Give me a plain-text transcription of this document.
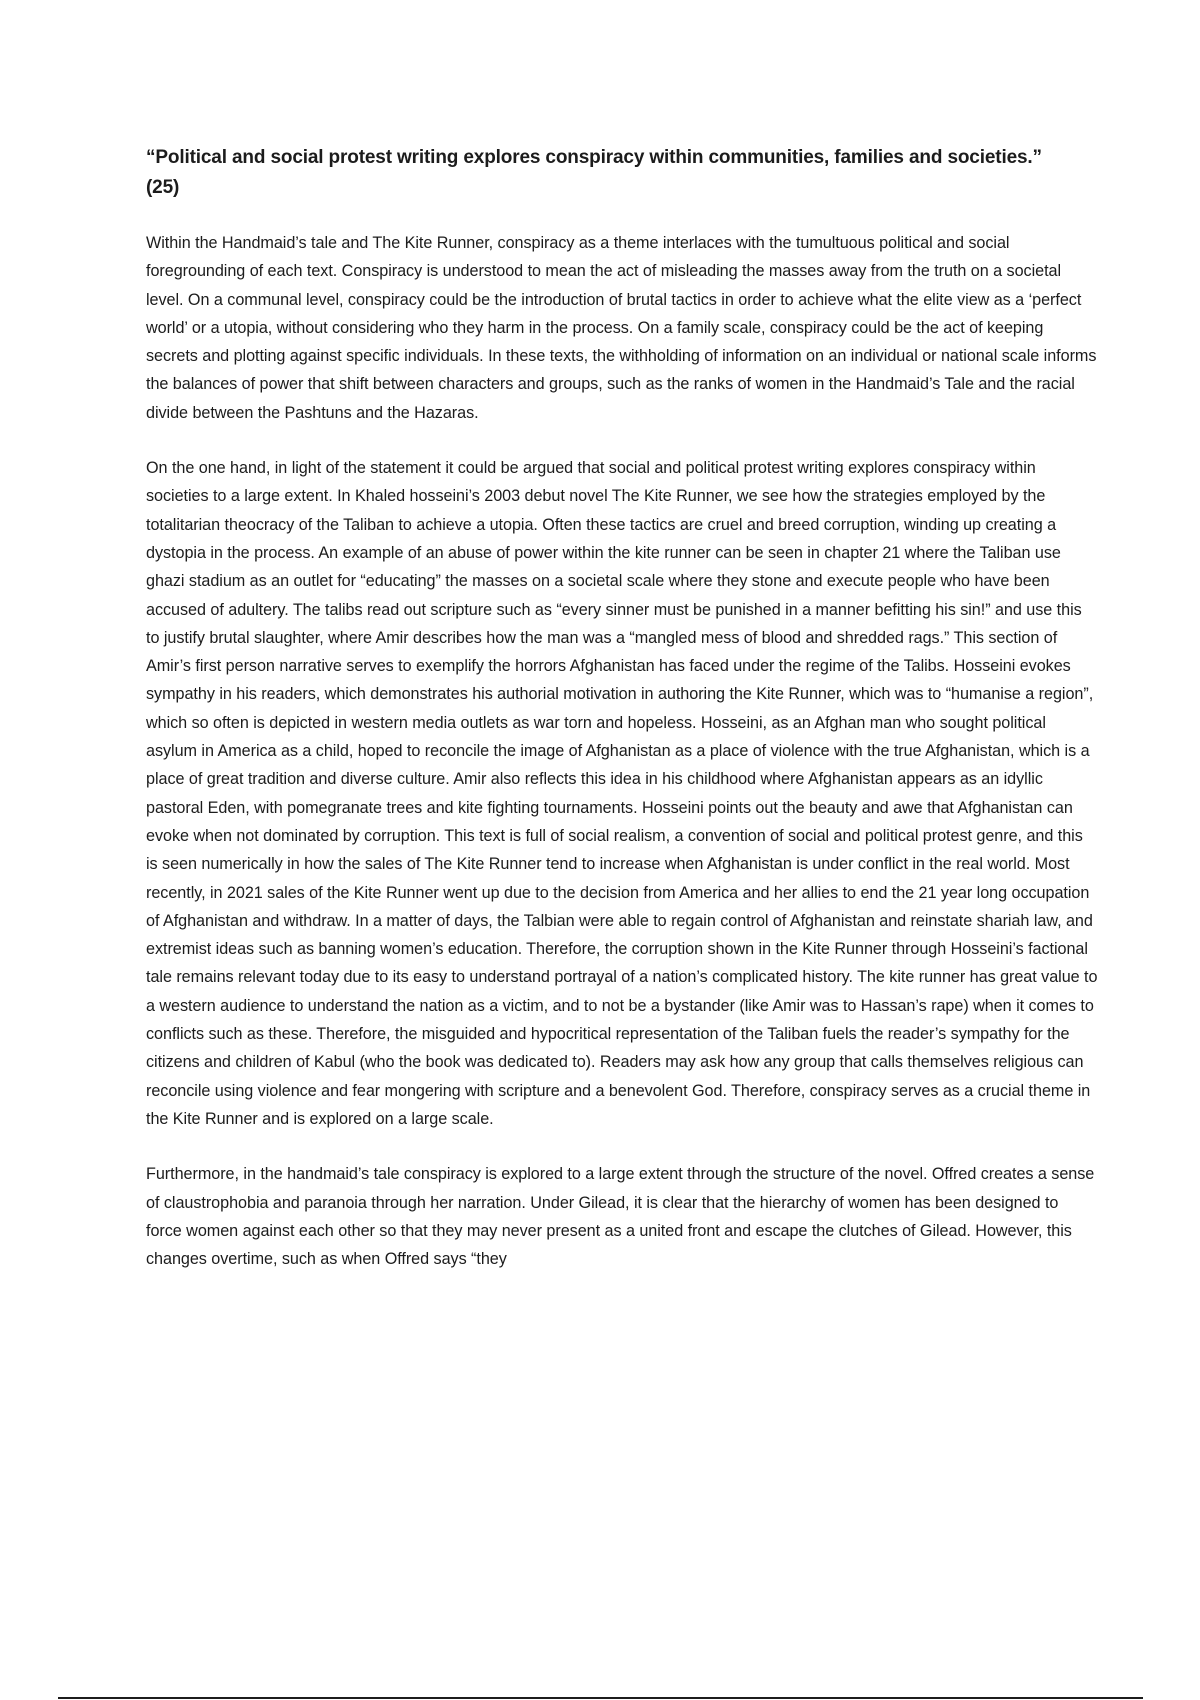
“Political and social protest writing explores conspiracy within communities, families and societies.”
(25)

Within the Handmaid’s tale and The Kite Runner, conspiracy as a theme interlaces with the tumultuous political and social foregrounding of each text. Conspiracy is understood to mean the act of misleading the masses away from the truth on a societal level. On a communal level, conspiracy could be the introduction of brutal tactics in order to achieve what the elite view as a ‘perfect world’ or a utopia, without considering who they harm in the process. On a family scale, conspiracy could be the act of keeping secrets and plotting against specific individuals. In these texts, the withholding of information on an individual or national scale informs the balances of power that shift between characters and groups, such as the ranks of women in the Handmaid’s Tale and the racial divide between the Pashtuns and the Hazaras.

On the one hand, in light of the statement it could be argued that social and political protest writing explores conspiracy within societies to a large extent. In Khaled hosseini’s 2003 debut novel The Kite Runner, we see how the strategies employed by the totalitarian theocracy of the Taliban to achieve a utopia. Often these tactics are cruel and breed corruption, winding up creating a dystopia in the process. An example of an abuse of power within the kite runner can be seen in chapter 21 where the Taliban use ghazi stadium as an outlet for “educating” the masses on a societal scale where they stone and execute people who have been accused of adultery. The talibs read out scripture such as “every sinner must be punished in a manner befitting his sin!” and use this to justify brutal slaughter, where Amir describes how the man was a “mangled mess of blood and shredded rags.” This section of Amir’s first person narrative serves to exemplify the horrors Afghanistan has faced under the regime of the Talibs. Hosseini evokes sympathy in his readers, which demonstrates his authorial motivation in authoring the Kite Runner, which was to “humanise a region”, which so often is depicted in western media outlets as war torn and hopeless. Hosseini, as an Afghan man who sought political asylum in America as a child, hoped to reconcile the image of Afghanistan as a place of violence with the true Afghanistan, which is a place of great tradition and diverse culture. Amir also reflects this idea in his childhood where Afghanistan appears as an idyllic pastoral Eden, with pomegranate trees and kite fighting tournaments. Hosseini points out the beauty and awe that Afghanistan can evoke when not dominated by corruption. This text is full of social realism, a convention of social and political protest genre, and this is seen numerically in how the sales of The Kite Runner tend to increase when Afghanistan is under conflict in the real world. Most recently, in 2021 sales of the Kite Runner went up due to the decision from America and her allies to end the 21 year long occupation of Afghanistan and withdraw. In a matter of days, the Talbian were able to regain control of Afghanistan and reinstate shariah law, and extremist ideas such as banning women’s education. Therefore, the corruption shown in the Kite Runner through Hosseini’s factional tale remains relevant today due to its easy to understand portrayal of a nation’s complicated history. The kite runner has great value to a western audience to understand the nation as a victim, and to not be a bystander (like Amir was to Hassan’s rape) when it comes to conflicts such as these. Therefore, the misguided and hypocritical representation of the Taliban fuels the reader’s sympathy for the citizens and children of Kabul (who the book was dedicated to). Readers may ask how any group that calls themselves religious can reconcile using violence and fear mongering with scripture and a benevolent God. Therefore, conspiracy serves as a crucial theme in the Kite Runner and is explored on a large scale.

Furthermore, in the handmaid’s tale conspiracy is explored to a large extent through the structure of the novel. Offred creates a sense of claustrophobia and paranoia through her narration. Under Gilead, it is clear that the hierarchy of women has been designed to force women against each other so that they may never present as a united front and escape the clutches of Gilead. However, this changes overtime, such as when Offred says “they
